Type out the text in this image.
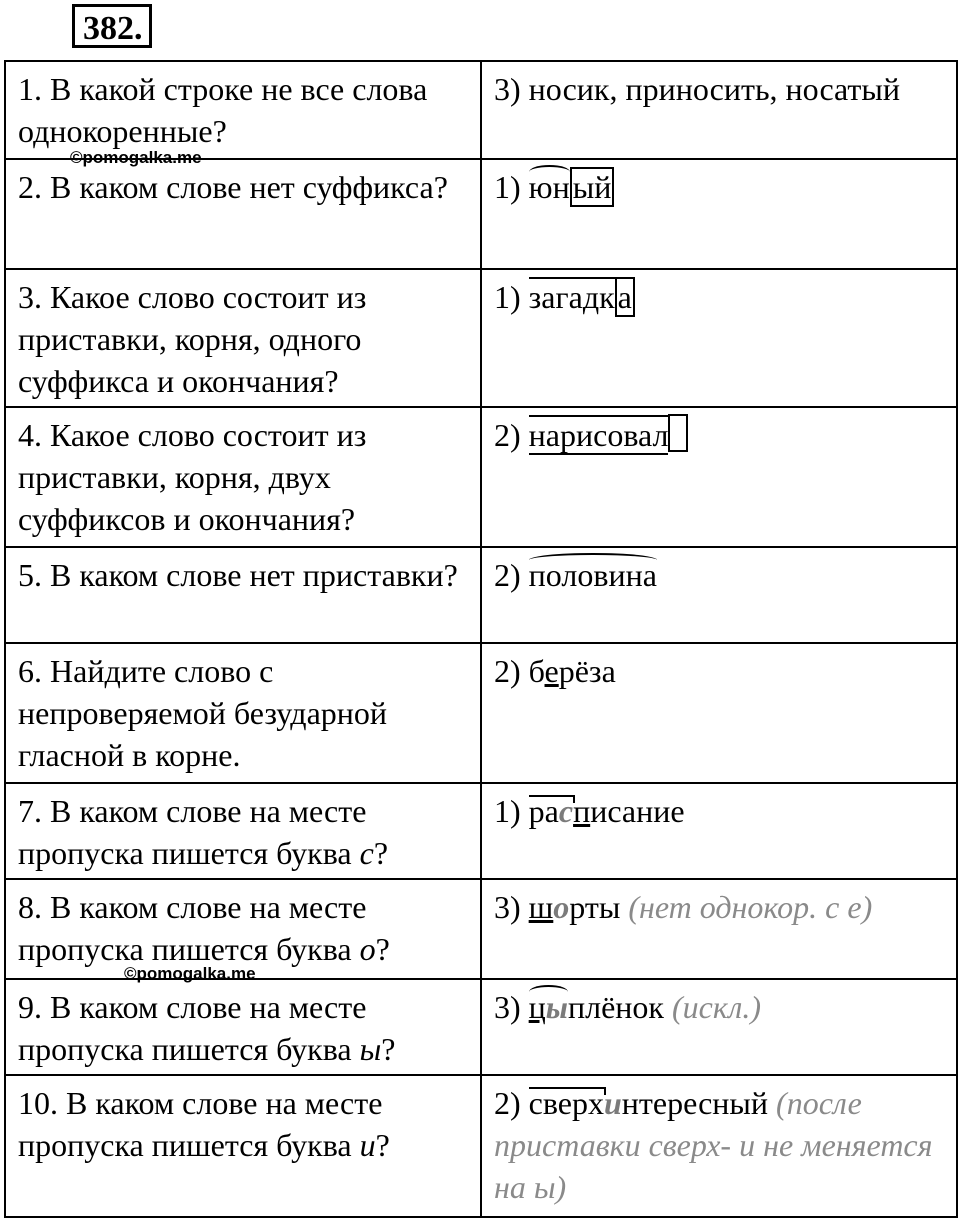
382.
1. В какой строке не все слова однокоренные?	3) носик, приносить, носатый
2. В каком слове нет суффикса?	1) юный
3. Какое слово состоит из приставки, корня, одного суффикса и окончания?	1) загадка
4. Какое слово состоит из приставки, корня, двух суффиксов и окончания?	2) нарисовал
5. В каком слове нет приставки?	2) половина
6. Найдите слово с непроверяемой безударной гласной в корне.	2) берёза
7. В каком слове на месте пропуска пишется буква с?	1) расписание
8. В каком слове на месте пропуска пишется буква о?	3) шорты (нет однокор. с е)
9. В каком слове на месте пропуска пишется буква ы?	3) цыплёнок (искл.)
10. В каком слове на месте пропуска пишется буква и?	2) сверхинтересный (после приставки сверх- и не меняется на ы)
©pomogalka.me
©pomogalka.me
